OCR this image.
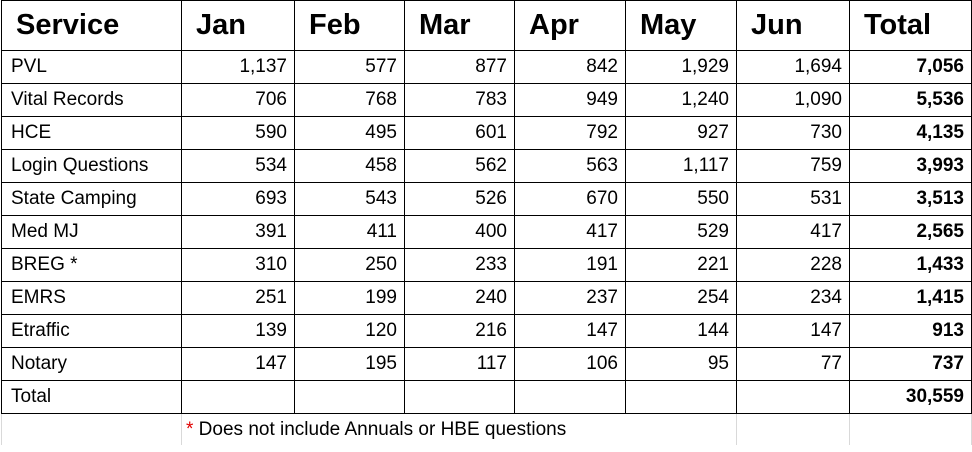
Service	Jan	Feb	Mar	Apr	May	Jun	Total
PVL	1,137	577	877	842	1,929	1,694	7,056
Vital Records	706	768	783	949	1,240	1,090	5,536
HCE	590	495	601	792	927	730	4,135
Login Questions	534	458	562	563	1,117	759	3,993
State Camping	693	543	526	670	550	531	3,513
Med MJ	391	411	400	417	529	417	2,565
BREG *	310	250	233	191	221	228	1,433
EMRS	251	199	240	237	254	234	1,415
Etraffic	139	120	216	147	144	147	913
Notary	147	195	117	106	95	77	737
Total							30,559
	* Does not include Annuals or HBE questions						
